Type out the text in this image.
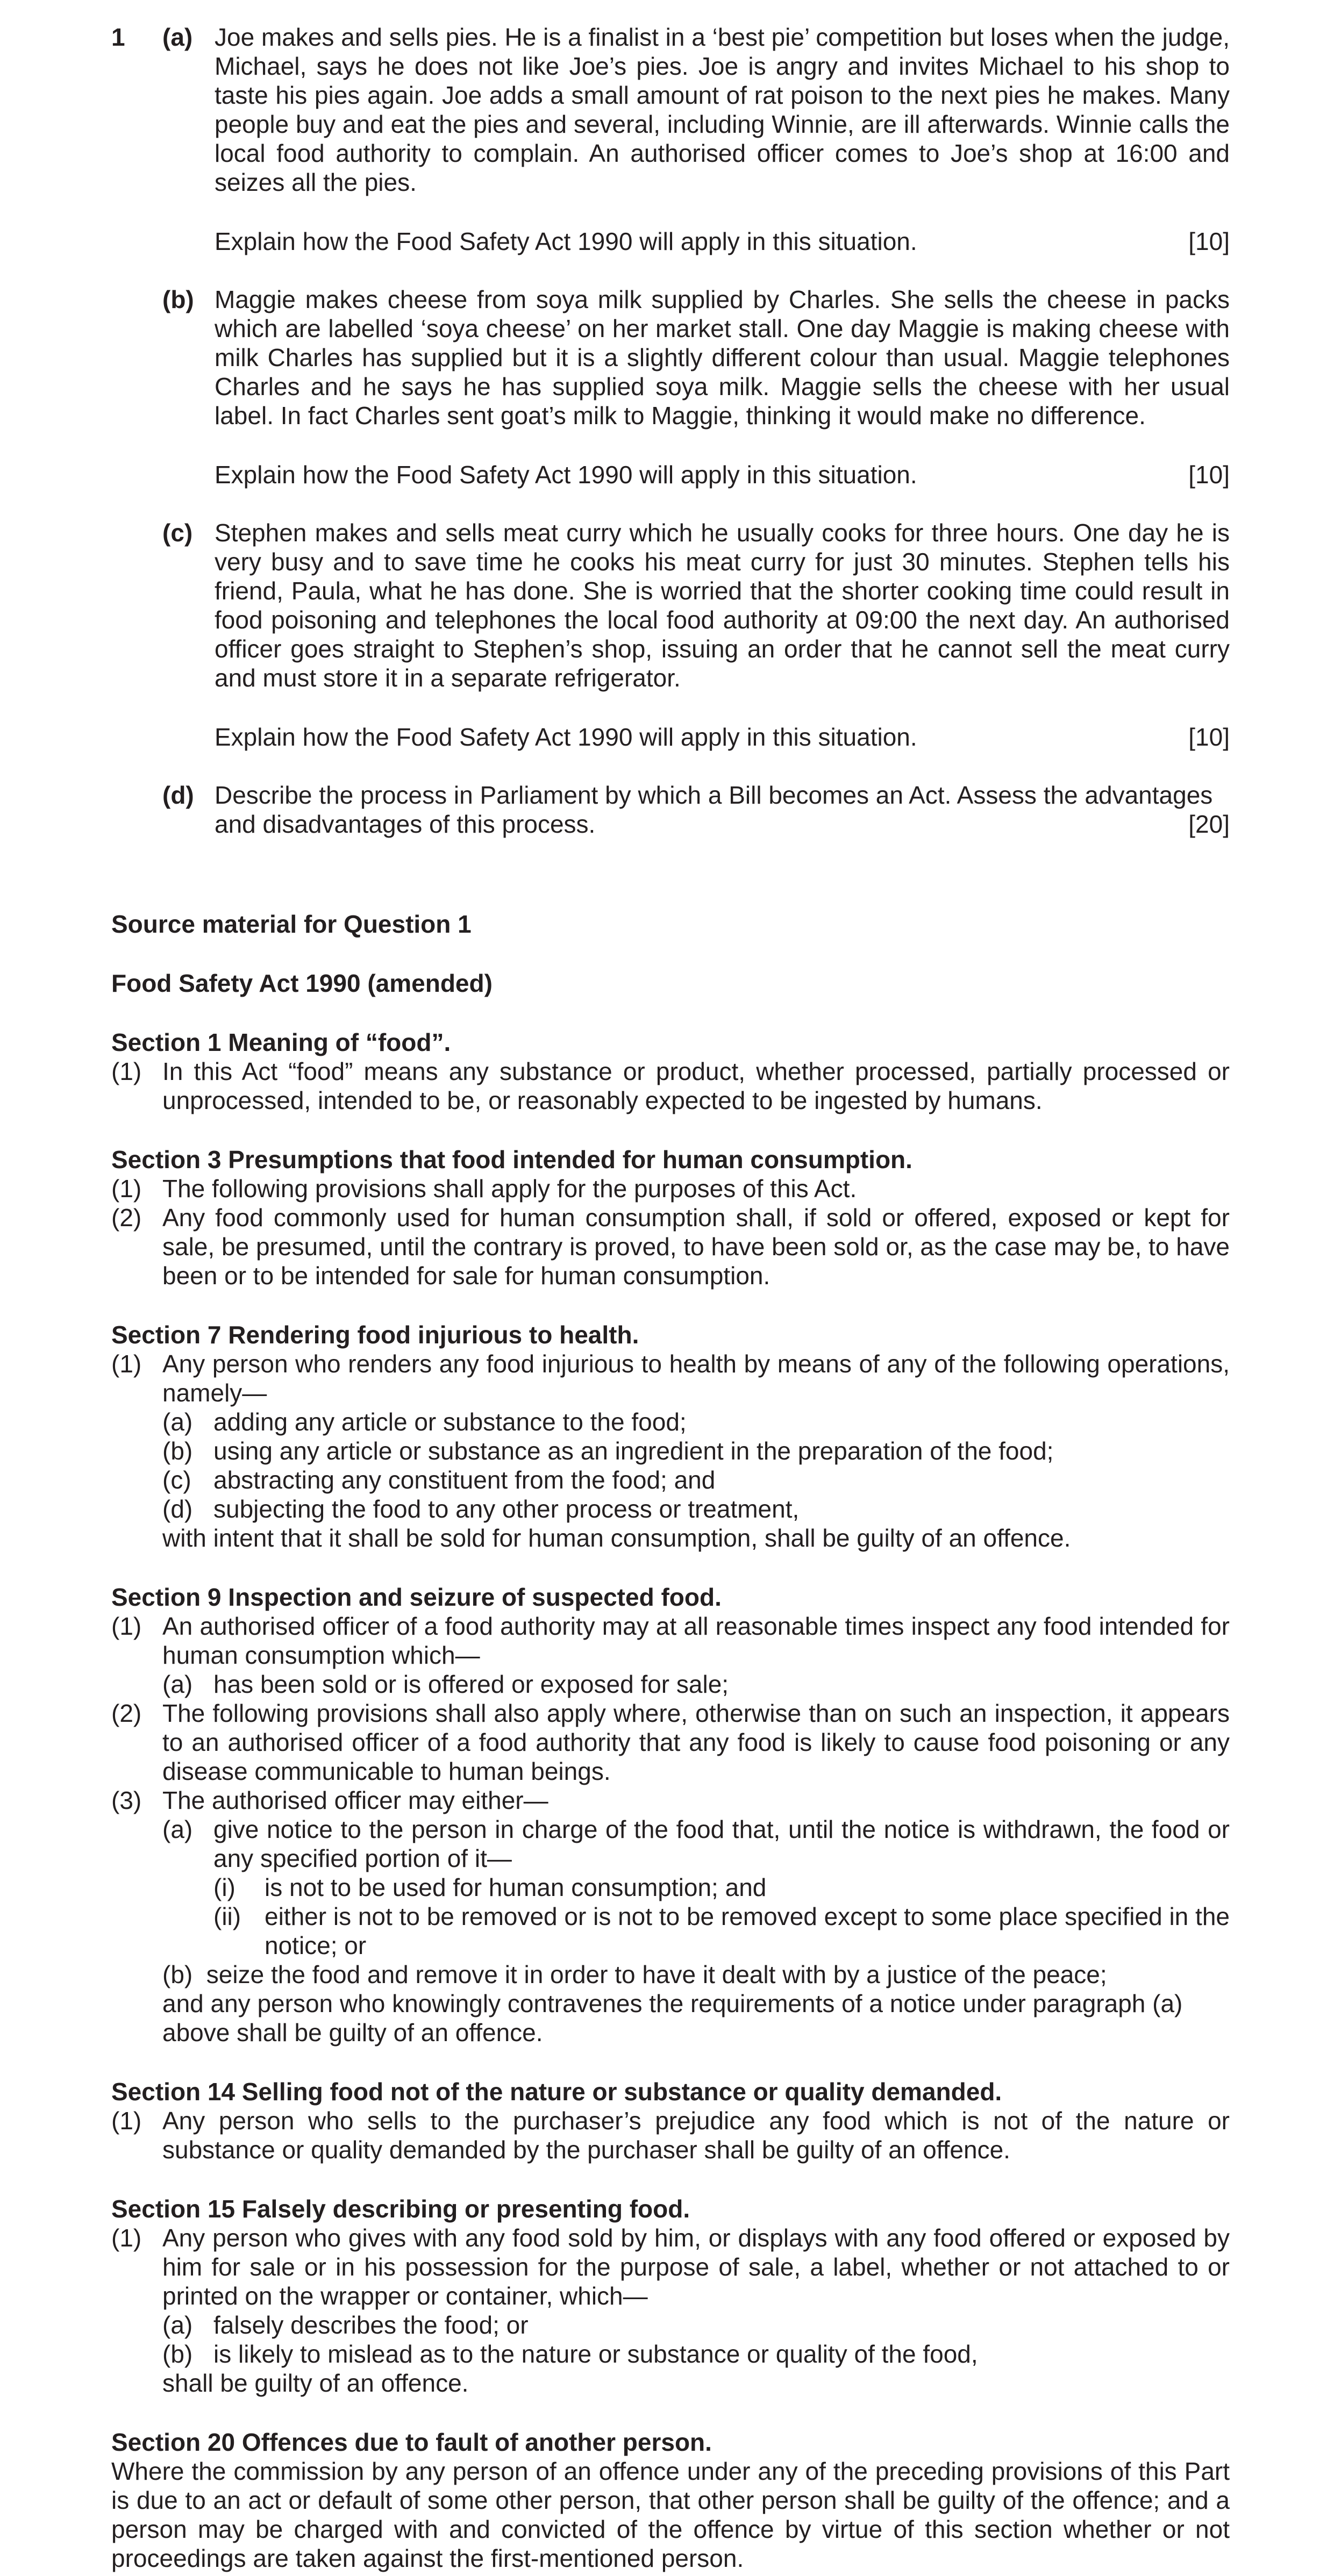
1	(a) Joe makes and sells pies. He is a finalist in a ‘best pie’ competition but loses when the judge, Michael, says he does not like Joe’s pies. Joe is angry and invites Michael to his shop to taste his pies again. Joe adds a small amount of rat poison to the next pies he makes. Many people buy and eat the pies and several, including Winnie, are ill afterwards. Winnie calls the local food authority to complain. An authorised officer comes to Joe’s shop at 16:00 and seizes all the pies.
Explain how the Food Safety Act 1990 will apply in this situation.	[10]
(b) Maggie makes cheese from soya milk supplied by Charles. She sells the cheese in packs which are labelled ‘soya cheese’ on her market stall. One day Maggie is making cheese with milk Charles has supplied but it is a slightly different colour than usual. Maggie telephones Charles and he says he has supplied soya milk. Maggie sells the cheese with her usual label. In fact Charles sent goat’s milk to Maggie, thinking it would make no difference.
Explain how the Food Safety Act 1990 will apply in this situation.	[10]
(c) Stephen makes and sells meat curry which he usually cooks for three hours. One day he is very busy and to save time he cooks his meat curry for just 30 minutes. Stephen tells his friend, Paula, what he has done. She is worried that the shorter cooking time could result in food poisoning and telephones the local food authority at 09:00 the next day. An authorised officer goes straight to Stephen’s shop, issuing an order that he cannot sell the meat curry and must store it in a separate refrigerator.
Explain how the Food Safety Act 1990 will apply in this situation.	[10]
(d) Describe the process in Parliament by which a Bill becomes an Act. Assess the advantages
and disadvantages of this process.	[20]
Source material for Question 1
Food Safety Act 1990 (amended)
Section 1 Meaning of “food”.
(1) In this Act “food” means any substance or product, whether processed, partially processed or unprocessed, intended to be, or reasonably expected to be ingested by humans.
Section 3 Presumptions that food intended for human consumption.
(1) The following provisions shall apply for the purposes of this Act.
(2) Any food commonly used for human consumption shall, if sold or offered, exposed or kept for sale, be presumed, until the contrary is proved, to have been sold or, as the case may be, to have been or to be intended for sale for human consumption.
Section 7 Rendering food injurious to health.
(1) Any person who renders any food injurious to health by means of any of the following operations, namely—
(a) adding any article or substance to the food;
(b) using any article or substance as an ingredient in the preparation of the food;
(c) abstracting any constituent from the food; and
(d) subjecting the food to any other process or treatment,
with intent that it shall be sold for human consumption, shall be guilty of an offence.
Section 9 Inspection and seizure of suspected food.
(1) An authorised officer of a food authority may at all reasonable times inspect any food intended for human consumption which—
(a) has been sold or is offered or exposed for sale;
(2) The following provisions shall also apply where, otherwise than on such an inspection, it appears to an authorised officer of a food authority that any food is likely to cause food poisoning or any disease communicable to human beings.
(3) The authorised officer may either—
(a) give notice to the person in charge of the food that, until the notice is withdrawn, the food or any specified portion of it—
(i)	is not to be used for human consumption; and
(ii) either is not to be removed or is not to be removed except to some place specified in the notice; or
(b) seize the food and remove it in order to have it dealt with by a justice of the peace;
and any person who knowingly contravenes the requirements of a notice under paragraph (a)
above shall be guilty of an offence.
Section 14 Selling food not of the nature or substance or quality demanded.
(1) Any person who sells to the purchaser’s prejudice any food which is not of the nature or substance or quality demanded by the purchaser shall be guilty of an offence.
Section 15 Falsely describing or presenting food.
(1) Any person who gives with any food sold by him, or displays with any food offered or exposed by him for sale or in his possession for the purpose of sale, a label, whether or not attached to or printed on the wrapper or container, which—
(a) falsely describes the food; or
(b) is likely to mislead as to the nature or substance or quality of the food,
shall be guilty of an offence.
Section 20 Offences due to fault of another person.
Where the commission by any person of an offence under any of the preceding provisions of this Part is due to an act or default of some other person, that other person shall be guilty of the offence; and a person may be charged with and convicted of the offence by virtue of this section whether or not proceedings are taken against the first-mentioned person.
